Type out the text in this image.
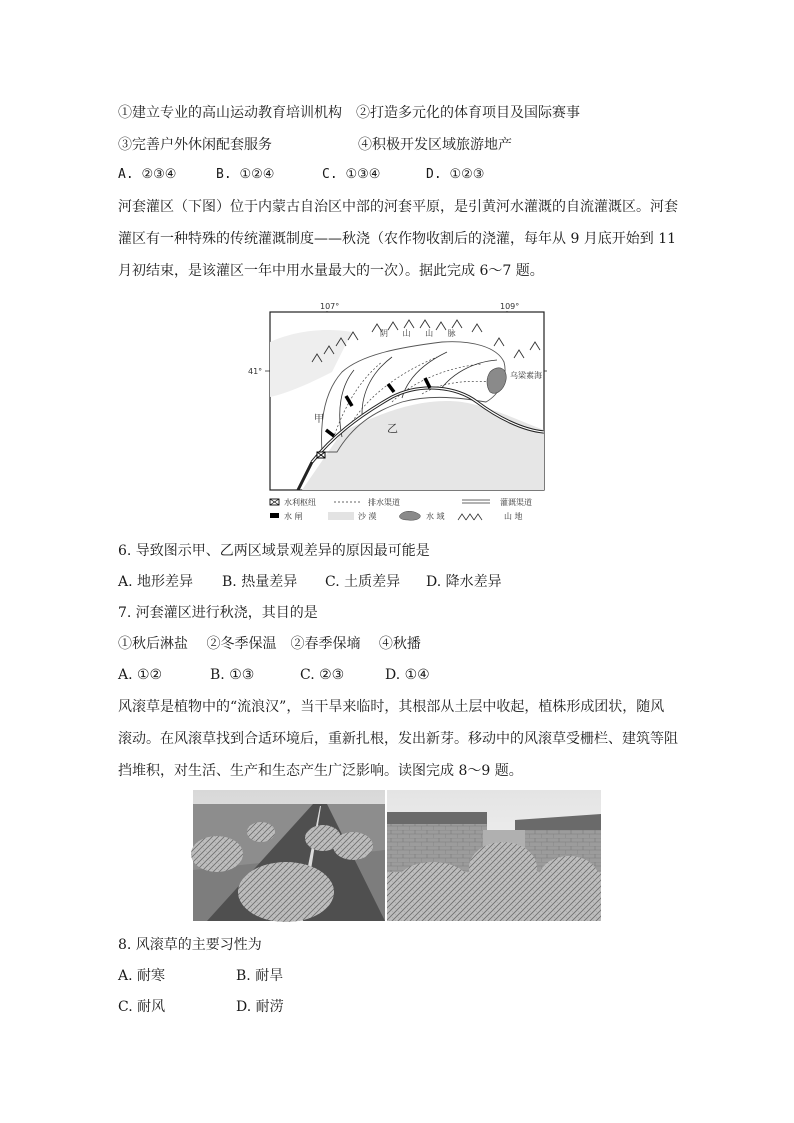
①建立专业的高山运动教育培训机构　②打造多元化的体育项目及国际赛事
③完善户外休闲配套服务	④积极开发区域旅游地产
A. ②③④	B. ①②④	C. ①③④	D. ①②③
河套灌区（下图）位于内蒙古自治区中部的河套平原，是引黄河水灌溉的自流灌溉区。河套
灌区有一种特殊的传统灌溉制度——秋浇（农作物收割后的浇灌，每年从 9 月底开始到 11
月初结束，是该灌区一年中用水量最大的一次）。据此完成 6～7 题。
107°	109°
41°
阴 山 山 脉
乌梁素海
甲
乙
水利枢纽	排水渠道	灌溉渠道
水 闸	沙 漠	水 域	山 地
6. 导致图示甲、乙两区域景观差异的原因最可能是
A. 地形差异 B. 热量差异 C. 土质差异 D. 降水差异
7. 河套灌区进行秋浇，其目的是
①秋后淋盐　 ②冬季保温　②春季保墒　 ④秋播
A. ①②	B. ①③	C. ②③	D. ①④
风滚草是植物中的“流浪汉”，当干旱来临时，其根部从土层中收起，植株形成团状，随风
滚动。在风滚草找到合适环境后，重新扎根，发出新芽。移动中的风滚草受栅栏、建筑等阻
挡堆积，对生活、生产和生态产生广泛影响。读图完成 8～9 题。
8. 风滚草的主要习性为
A. 耐寒	B. 耐旱
C. 耐风	D. 耐涝
